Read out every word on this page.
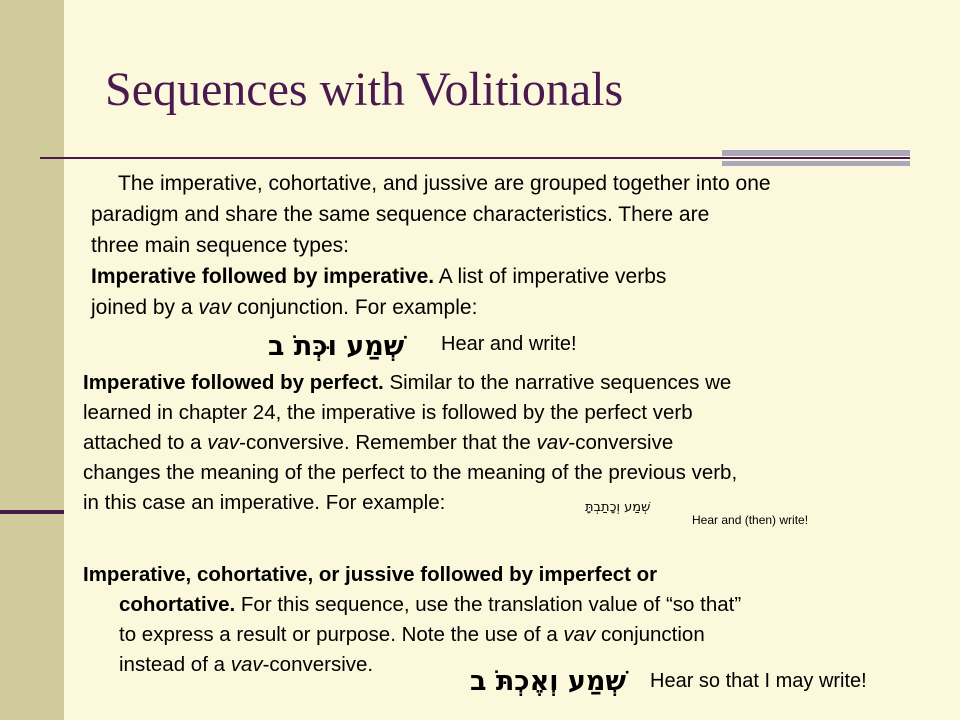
Sequences with Volitionals
The imperative, cohortative, and jussive are grouped together into one
paradigm and share the same sequence characteristics. There are
three main sequence types:
Imperative followed by imperative. A list of imperative verbs
joined by a vav conjunction. For example:
שְׁמַע וּכְּתֹ ב Hear and write!
Imperative followed by perfect. Similar to the narrative sequences we
learned in chapter 24, the imperative is followed by the perfect verb
attached to a vav-conversive. Remember that the vav-conversive
changes the meaning of the perfect to the meaning of the previous verb,
in this case an imperative. For example:	שְׁמַע וְכָתַבְתָּ
Hear and (then) write!
Imperative, cohortative, or jussive followed by imperfect or
cohortative. For this sequence, use the translation value of “so that”
to express a result or purpose. Note the use of a vav conjunction
instead of a vav-conversive.
שְׁמַע וְאֶכְתֹּ ב Hear so that I may write!
